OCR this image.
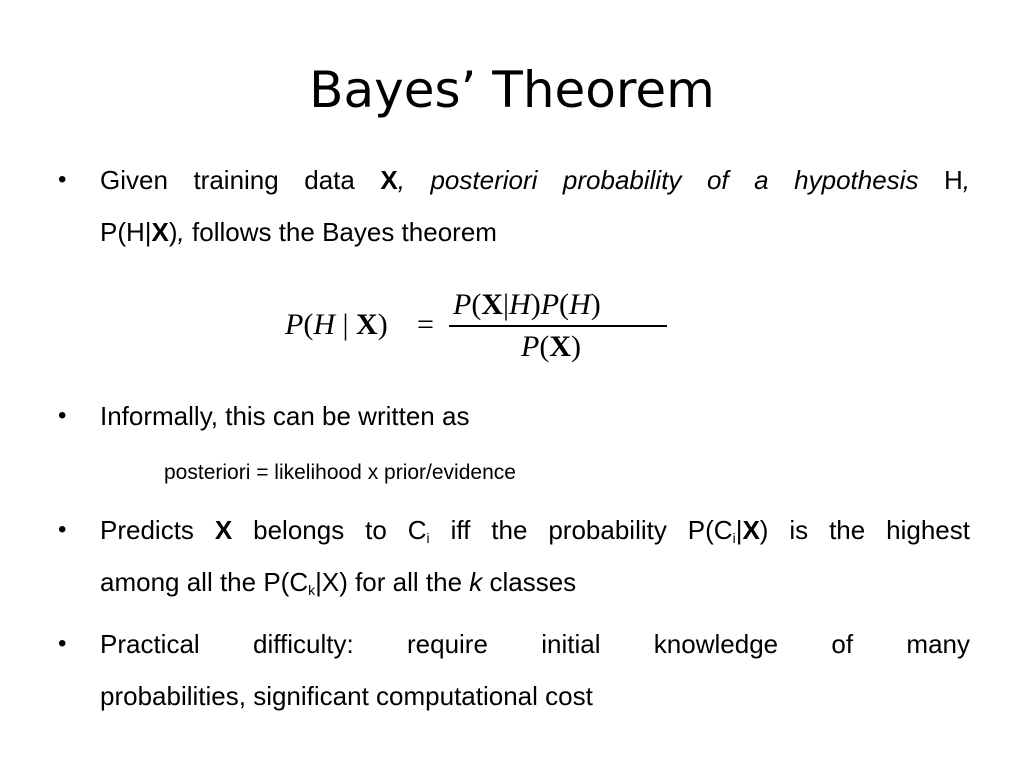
Bayes’ Theorem
•	Given training data X, posteriori probability of a hypothesis H,
P(H|X), follows the Bayes theorem
P(H | X) =
P(X|H)P(H)
P(X)
•	Informally, this can be written as
posteriori = likelihood x prior/evidence
•	Predicts X belongs to $C_i$ iff the probability $P(C_i|X)$ is the highest
among all the $P(C_k|X)$ for all the k classes
•	Practical difficulty: require initial knowledge of many
probabilities, significant computational cost
